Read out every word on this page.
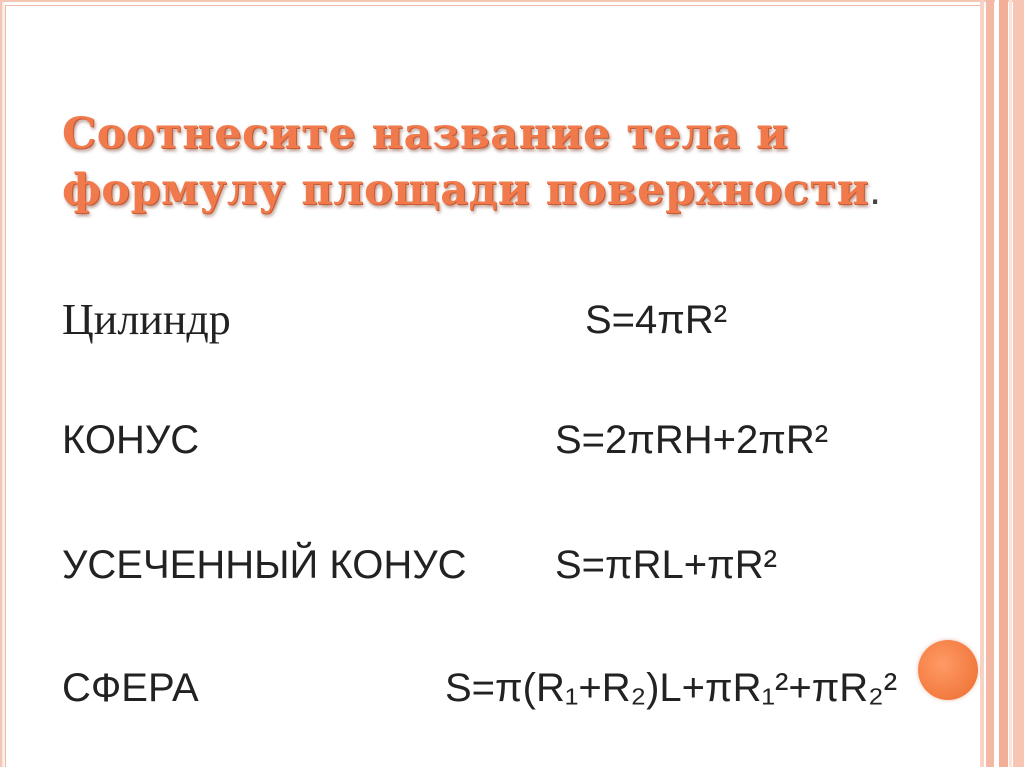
Соотнесите название тела и
формулу площади поверхности.
Цилиндр	S=4πR²
КОНУС	S=2πRH+2πR²
УСЕЧЕННЫЙ КОНУС S=πRL+πR²
СФЕРА	S=π(R₁+R₂)L+πR₁²+πR₂²
